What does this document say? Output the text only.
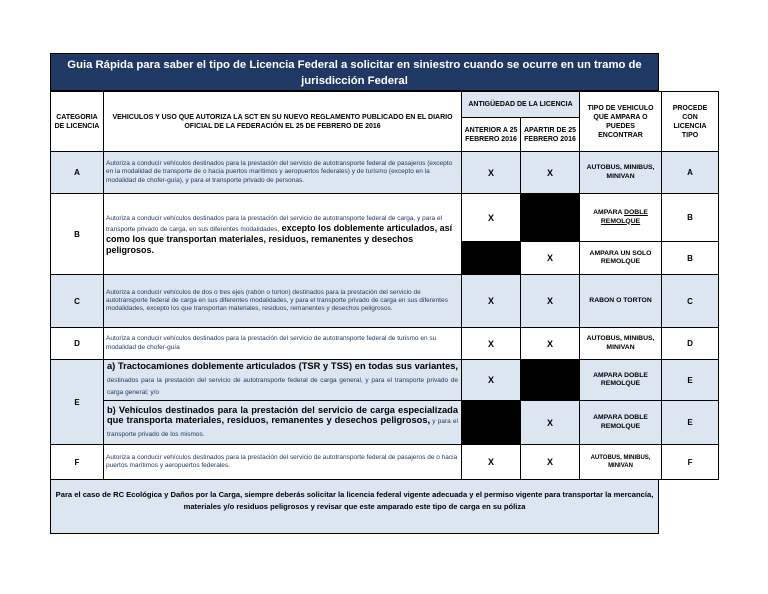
Guia Rápida para saber el tipo de Licencia Federal a solicitar en siniestro cuando se ocurre en un tramo de jurisdicción Federal
CATEGORIA DE LICENCIA	VEHICULOS Y USO QUE AUTORIZA LA SCT EN SU NUEVO REGLAMENTO PUBLICADO EN EL DIARIO OFICIAL DE LA FEDERACIÓN EL 25 DE FEBRERO DE 2016	ANTIGÜEDAD DE LA LICENCIA		TIPO DE VEHICULO QUE AMPARA O PUEDES ENCONTRAR	PROCEDE CON LICENCIA TIPO
		ANTERIOR A 25 FEBRERO 2016	APARTIR DE 25 FEBRERO 2016		
A	Autoriza a conducir vehículos destinados para la prestación del servicio de autotransporte federal de pasajeros (excepto en la modalidad de transporte de o hacia puertos marítimos y aeropuertos federales) y de turismo (excepto en la modalidad de chofer-guía), y para el transporte privado de personas.	X	X	AUTOBUS, MINIBUS, MINIVAN	A
B	Autoriza a conducir vehículos destinados para la prestación del servicio de autotransporte federal de carga, y para el transporte privado de carga, en sus diferentes modalidades, excepto los doblemente articulados, así como los que transportan materiales, residuos, remanentes y desechos peligrosos.	X		AMPARA DOBLE REMOLQUE	B
			X	AMPARA UN SOLO REMOLQUE	B
C	Autoriza a conducir vehículos de dos o tres ejes (rabón o torton) destinados para la prestación del servicio de autotransporte federal de carga en sus diferentes modalidades, y para el transporte privado de carga en sus diferentes modalidades, excepto los que transportan materiales, residuos, remanentes y desechos peligrosos.	X	X	RABON O TORTON	C
D	Autoriza a conducir vehículos destinados para la prestación del servicio de autotransporte federal de turismo en su modalidad de chofer-guía	X	X	AUTOBUS, MINIBUS, MINIVAN	D
E	a) Tractocamiones doblemente articulados (TSR y TSS) en todas sus variantes, destinados para la prestación del servicio de autotransporte federal de carga general, y para el transporte privado de carga general; y/o	X		AMPARA DOBLE REMOLQUE	E
	b) Vehículos destinados para la prestación del servicio de carga especializada que transporta materiales, residuos, remanentes y desechos peligrosos, y para el transporte privado de los mismos.		X	AMPARA DOBLE REMOLQUE	E
F	Autoriza a conducir vehículos destinados para la prestación del servicio de autotransporte federal de pasajeros de o hacia puertos marítimos y aeropuertos federales.	X	X	AUTOBUS, MINIBUS, MINIVAN	F
Para el caso de RC Ecológica y Daños por la Carga, siempre deberás solicitar la licencia federal vigente adecuada y el permiso vigente para transportar la mercancía, materiales y/o residuos peligrosos y revisar que este amparado este tipo de carga en su póliza
